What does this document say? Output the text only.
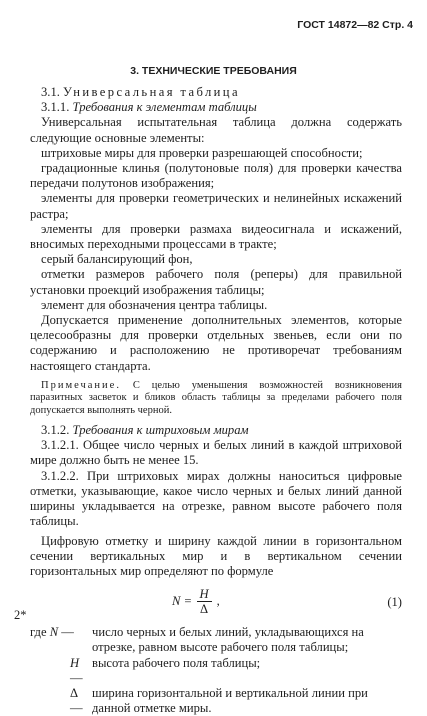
ГОСТ 14872—82 Стр. 4
3. ТЕХНИЧЕСКИЕ ТРЕБОВАНИЯ

3.1. Универсальная таблица

3.1.1. Требования к элементам таблицы

Универсальная испытательная таблица должна содержать следующие основные элементы:

штриховые миры для проверки разрешающей способности;

градационные клинья (полутоновые поля) для проверки качества передачи полутонов изображения;

элементы для проверки геометрических и нелинейных искажений растра;

элементы для проверки размаха видеосигнала и искажений, вносимых переходными процессами в тракте;

серый балансирующий фон,

отметки размеров рабочего поля (реперы) для правильной установки проекций изображения таблицы;

элемент для обозначения центра таблицы.

Допускается применение дополнительных элементов, которые целесообразны для проверки отдельных звеньев, если они по содержанию и расположению не противоречат требованиям настоящего стандарта.

Примечание. С целью уменьшения возможностей возникновения паразитных засветок и бликов область таблицы за пределами рабочего поля допускается выполнять черной.

3.1.2. Требования к штриховым мирам

3.1.2.1. Общее число черных и белых линий в каждой штриховой мире должно быть не менее 15.

3.1.2.2. При штриховых мирах должны наноситься цифровые отметки, указывающие, какое число черных и белых линий данной ширины укладывается на отрезке, равном высоте рабочего поля таблицы.

Цифровую отметку и ширину каждой линии в горизонтальном сечении вертикальных мир и в вертикальном сечении горизонтальных мир определяют по формуле

$N = \frac{H}{\Delta}$ ,	(1)
где N —	число черных и белых линий, укладывающихся на отрезке, равном высоте рабочего поля таблицы;
H —
высота рабочего поля таблицы;
Δ —
ширина горизонтальной и вертикальной линии при данной отметке миры.
2*
